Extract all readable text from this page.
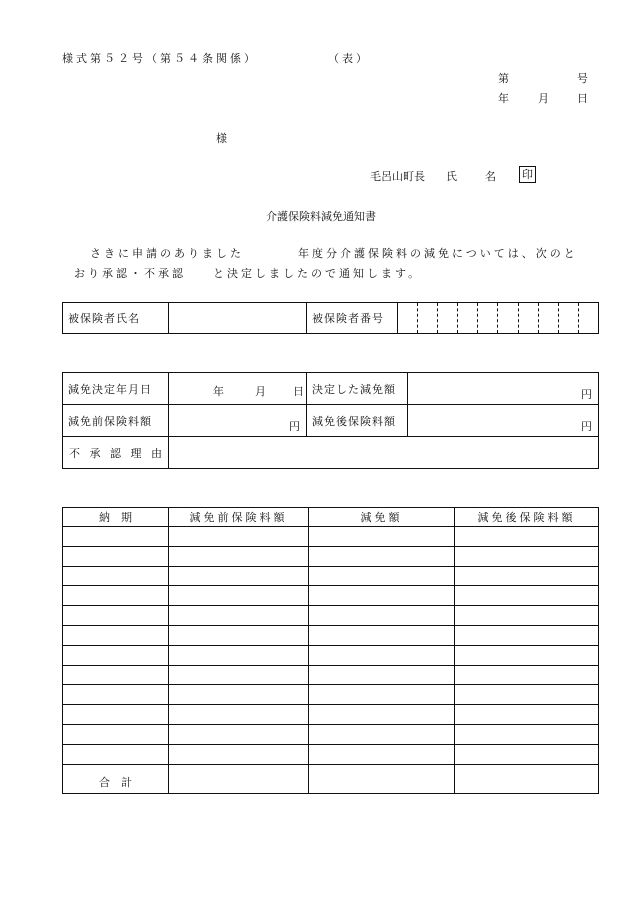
様式第５２号（第５４条関係）	（表）
第	号
年	月	日
様
毛呂山町長 氏	名 印
介護保険料減免通知書
さきに申請のありました	年度分介護保険料の減免については、次のと
おり承認・不承認 と決定しましたので通知します。
被保険者氏名		被保険者番号										
減免決定年月日	年 月 日	決定した減免額	円

減免前保険料額	円	減免後保険料額	円

不承認理由			
納　期	減免前保険料額	減免額	減免後保険料額

合　計			
